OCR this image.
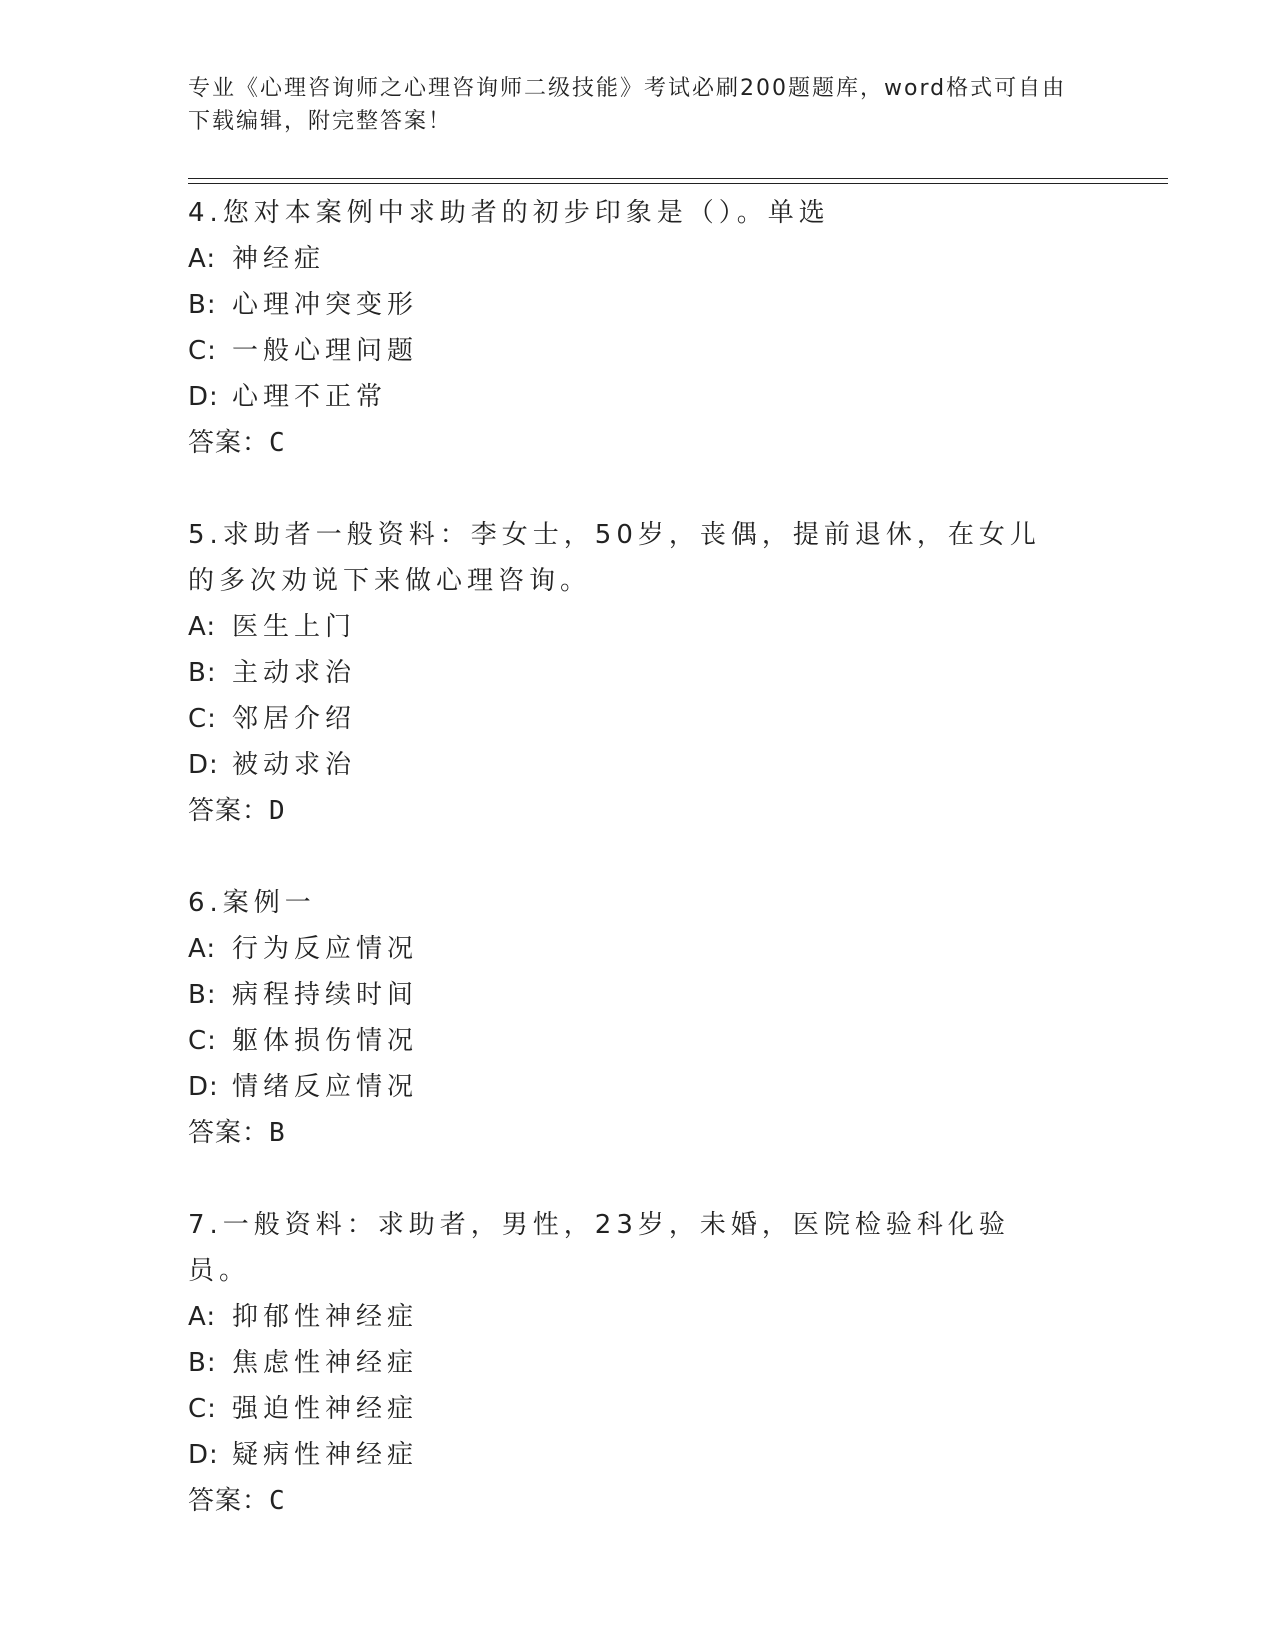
专业《心理咨询师之心理咨询师二级技能》考试必刷200题题库，word格式可自由下载编辑，附完整答案！
4.您对本案例中求助者的初步印象是（）。单选
A: 神经症
B: 心理冲突变形
C: 一般心理问题
D: 心理不正常
答案：C
5.求助者一般资料：李女士，50岁，丧偶，提前退休，在女儿的多次劝说下来做心理咨询。
A: 医生上门
B: 主动求治
C: 邻居介绍
D: 被动求治
答案：D
6.案例一
A: 行为反应情况
B: 病程持续时间
C: 躯体损伤情况
D: 情绪反应情况
答案：B
7.一般资料：求助者，男性，23岁，未婚，医院检验科化验员。
A: 抑郁性神经症
B: 焦虑性神经症
C: 强迫性神经症
D: 疑病性神经症
答案：C
